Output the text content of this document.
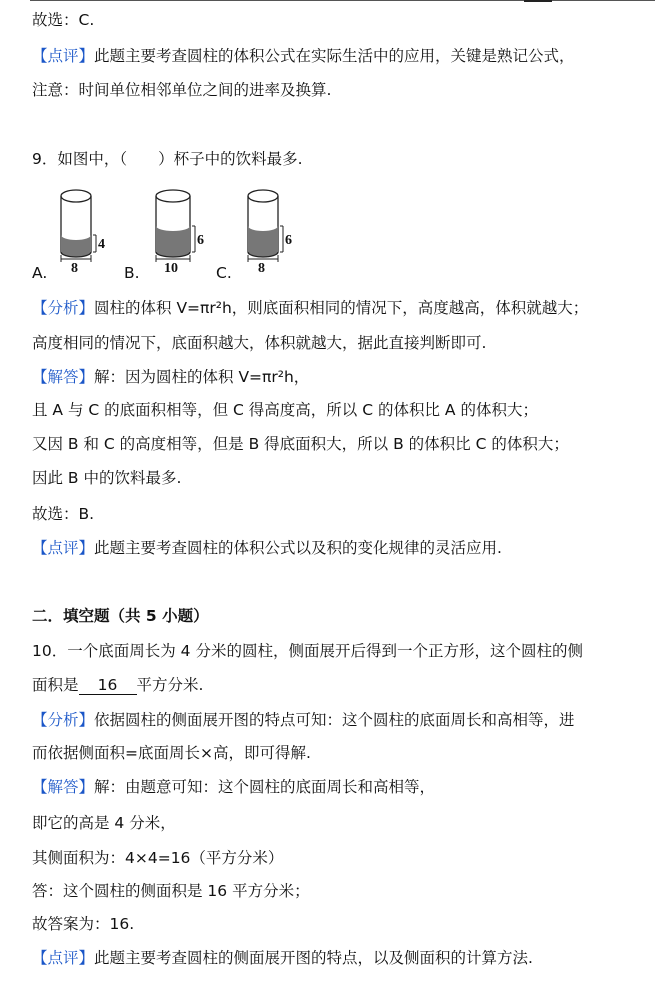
故选：C.
【点评】此题主要考查圆柱的体积公式在实际生活中的应用，关键是熟记公式，
注意：时间单位相邻单位之间的进率及换算.
9．如图中，（　　）杯子中的饮料最多.
4
8
6
10
6
8
A.	B.	C.
【分析】圆柱的体积 V=πr²h，则底面积相同的情况下，高度越高，体积就越大；
高度相同的情况下，底面积越大，体积就越大，据此直接判断即可.
【解答】解：因为圆柱的体积 V=πr²h，
且 A 与 C 的底面积相等，但 C 得高度高，所以 C 的体积比 A 的体积大；
又因 B 和 C 的高度相等，但是 B 得底面积大，所以 B 的体积比 C 的体积大；
因此 B 中的饮料最多.
故选：B.
【点评】此题主要考查圆柱的体积公式以及积的变化规律的灵活应用.
二．填空题（共 5 小题）
10．一个底面周长为 4 分米的圆柱，侧面展开后得到一个正方形，这个圆柱的侧
面积是 16 平方分米.
【分析】依据圆柱的侧面展开图的特点可知：这个圆柱的底面周长和高相等，进
而依据侧面积=底面周长×高，即可得解.
【解答】解：由题意可知：这个圆柱的底面周长和高相等，
即它的高是 4 分米，
其侧面积为：4×4=16（平方分米）
答：这个圆柱的侧面积是 16 平方分米；
故答案为：16.
【点评】此题主要考查圆柱的侧面展开图的特点，以及侧面积的计算方法.
